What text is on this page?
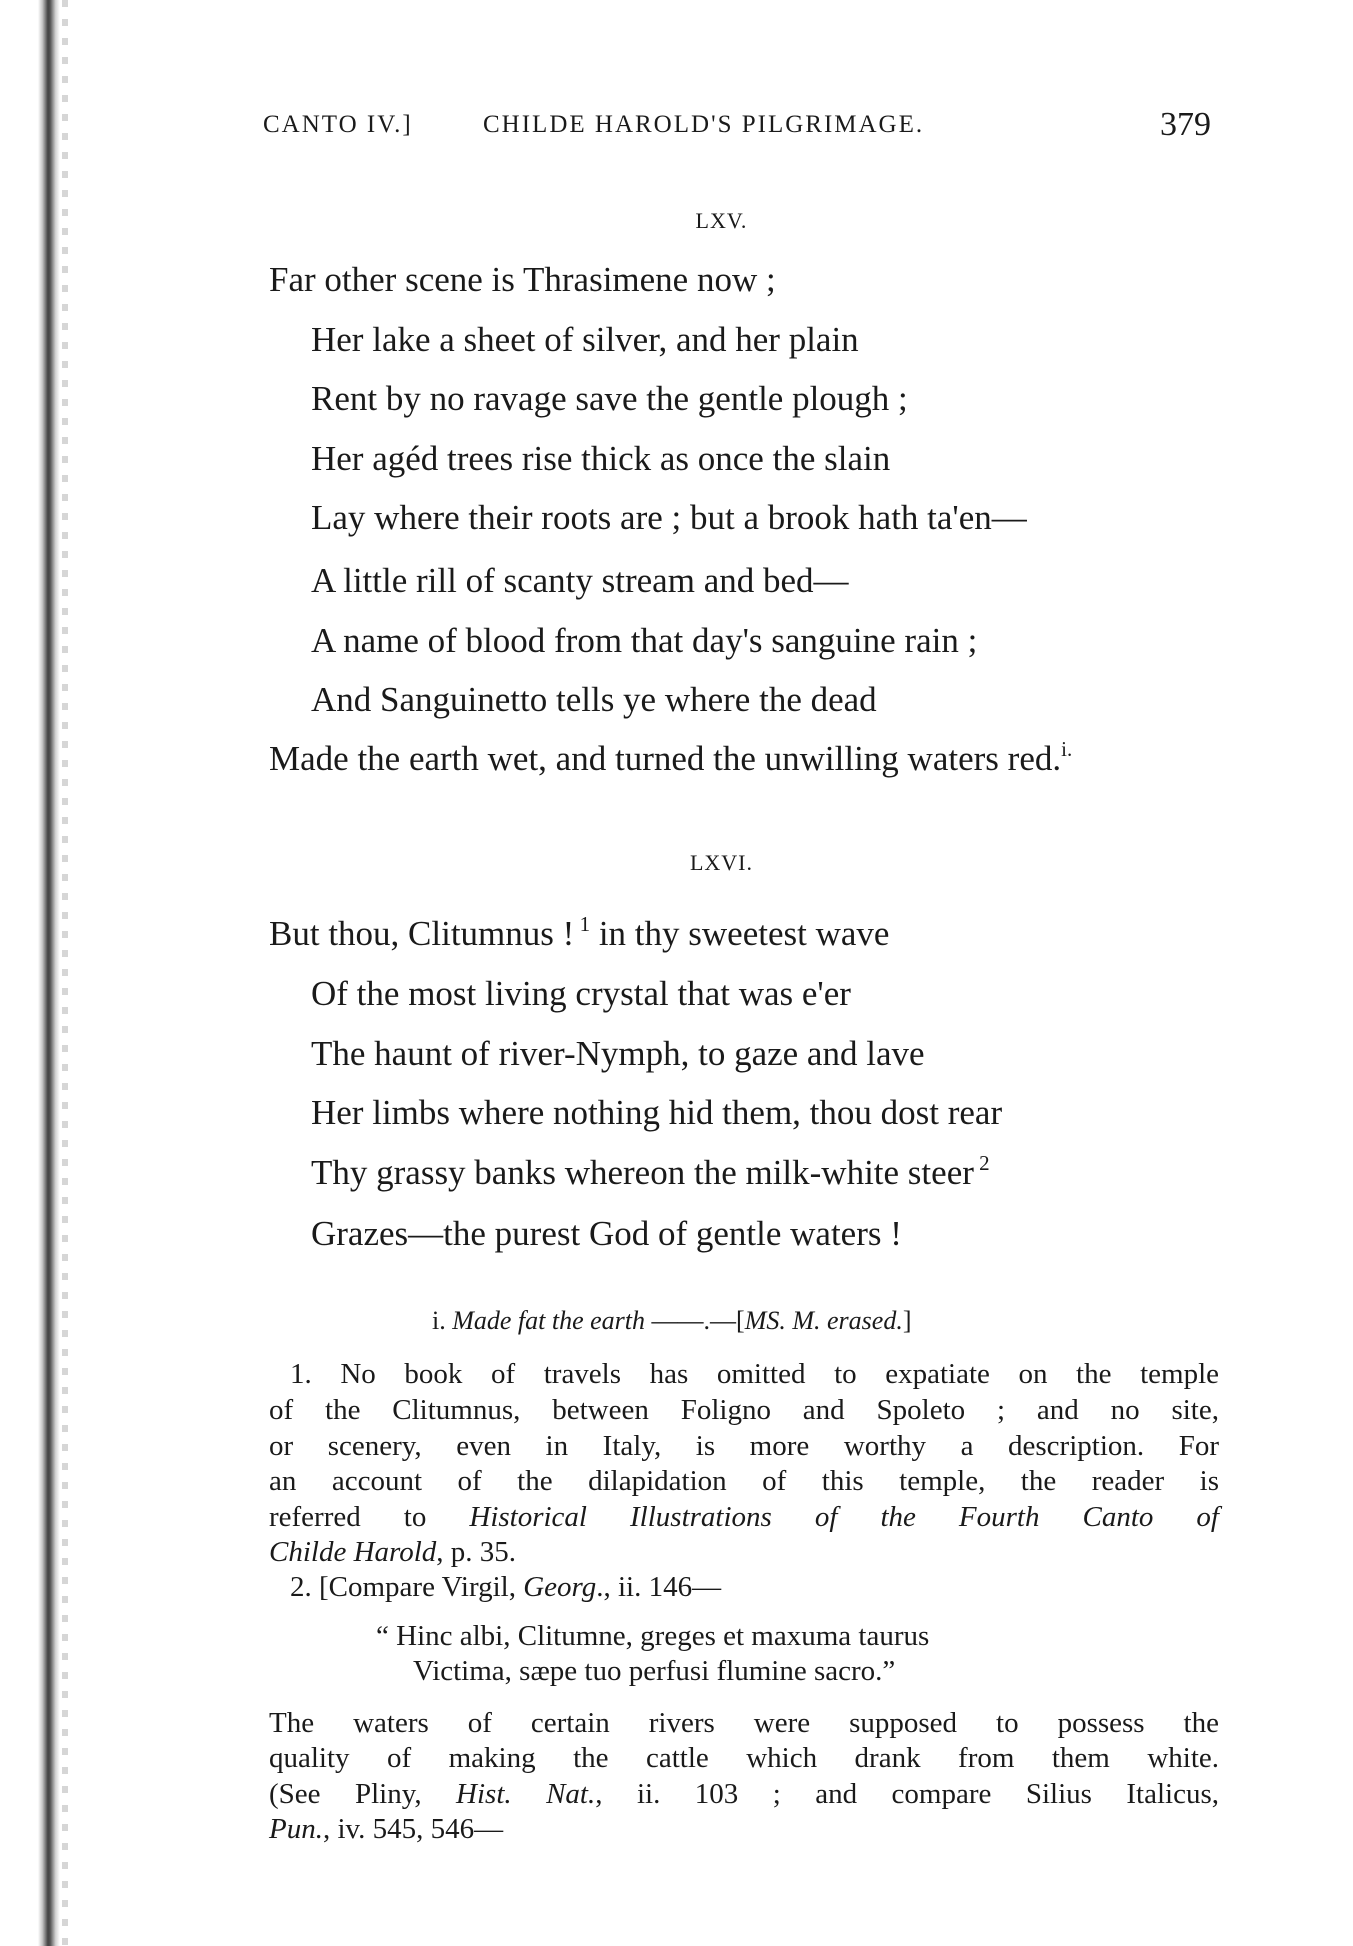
CANTO IV.]	CHILDE HAROLD'S PILGRIMAGE.	379
LXV.
Far other scene is Thrasimene now ;
Her lake a sheet of silver, and her plain
Rent by no ravage save the gentle plough ;
Her agéd trees rise thick as once the slain
Lay where their roots are ; but a brook hath ta'en—
A little rill of scanty stream and bed—
A name of blood from that day's sanguine rain ;
And Sanguinetto tells ye where the dead
Made the earth wet, and turned the unwilling waters red.$^{i.}$
LXVI.
But thou, Clitumnus ! $^1$ in thy sweetest wave
Of the most living crystal that was e'er
The haunt of river-Nymph, to gaze and lave
Her limbs where nothing hid them, thou dost rear
Thy grassy banks whereon the milk-white steer $^2$
Grazes—the purest God of gentle waters !
i. Made fat the earth ——.—[MS. M. erased.]
1. No book of travels has omitted to expatiate on the temple
of the Clitumnus, between Foligno and Spoleto ; and no site,
or scenery, even in Italy, is more worthy a description. For
an account of the dilapidation of this temple, the reader is
referred to Historical Illustrations of the Fourth Canto of
Childe Harold, p. 35.
2. [Compare Virgil, Georg., ii. 146—
“ Hinc albi, Clitumne, greges et maxuma taurus
Victima, sæpe tuo perfusi flumine sacro.”
The waters of certain rivers were supposed to possess the
quality of making the cattle which drank from them white.
(See Pliny, Hist. Nat., ii. 103 ; and compare Silius Italicus,
Pun., iv. 545, 546—
